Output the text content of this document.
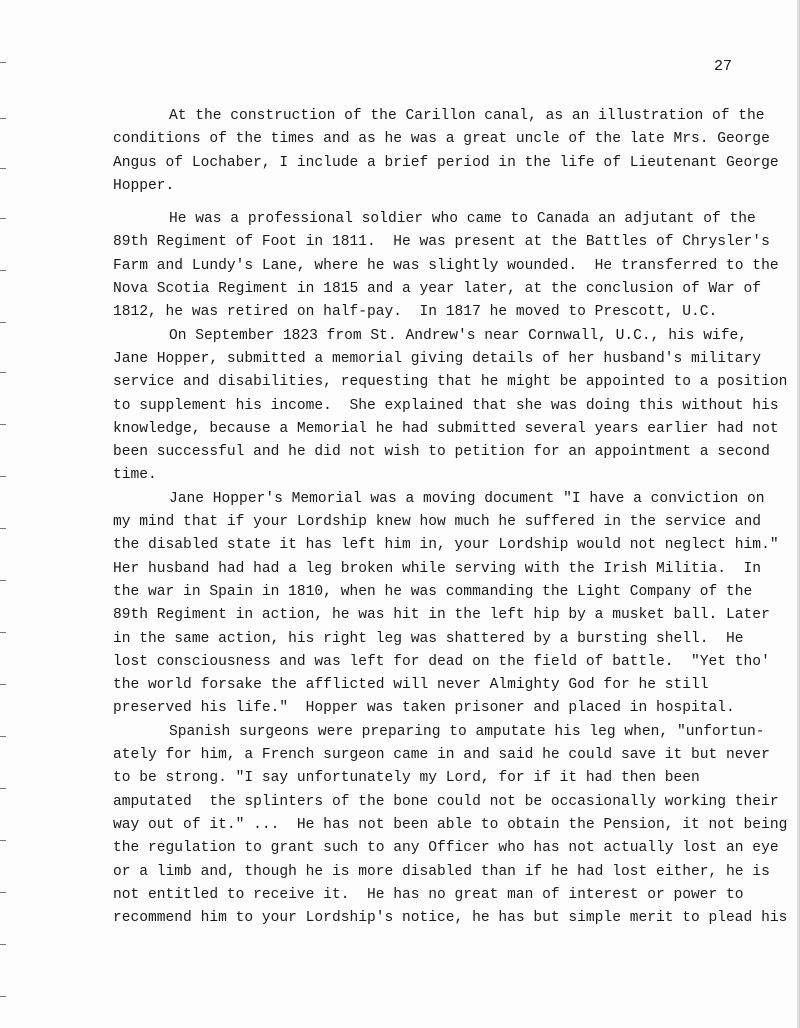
27

At the construction of the Carillon canal, as an illustration of the
conditions of the times and as he was a great uncle of the late Mrs. George
Angus of Lochaber, I include a brief period in the life of Lieutenant George
Hopper.

He was a professional soldier who came to Canada an adjutant of the
89th Regiment of Foot in 1811.  He was present at the Battles of Chrysler's
Farm and Lundy's Lane, where he was slightly wounded.  He transferred to the
Nova Scotia Regiment in 1815 and a year later, at the conclusion of War of
1812, he was retired on half-pay.  In 1817 he moved to Prescott, U.C.

On September 1823 from St. Andrew's near Cornwall, U.C., his wife,
Jane Hopper, submitted a memorial giving details of her husband's military
service and disabilities, requesting that he might be appointed to a position
to supplement his income.  She explained that she was doing this without his
knowledge, because a Memorial he had submitted several years earlier had not
been successful and he did not wish to petition for an appointment a second
time.

Jane Hopper's Memorial was a moving document "I have a conviction on
my mind that if your Lordship knew how much he suffered in the service and
the disabled state it has left him in, your Lordship would not neglect him."
Her husband had had a leg broken while serving with the Irish Militia.  In
the war in Spain in 1810, when he was commanding the Light Company of the
89th Regiment in action, he was hit in the left hip by a musket ball. Later
in the same action, his right leg was shattered by a bursting shell.  He
lost consciousness and was left for dead on the field of battle.  "Yet tho'
the world forsake the afflicted will never Almighty God for he still
preserved his life."  Hopper was taken prisoner and placed in hospital.

Spanish surgeons were preparing to amputate his leg when, "unfortun-
ately for him, a French surgeon came in and said he could save it but never
to be strong. "I say unfortunately my Lord, for if it had then been
amputated  the splinters of the bone could not be occasionally working their
way out of it." ...  He has not been able to obtain the Pension, it not being
the regulation to grant such to any Officer who has not actually lost an eye
or a limb and, though he is more disabled than if he had lost either, he is
not entitled to receive it.  He has no great man of interest or power to
recommend him to your Lordship's notice, he has but simple merit to plead his
